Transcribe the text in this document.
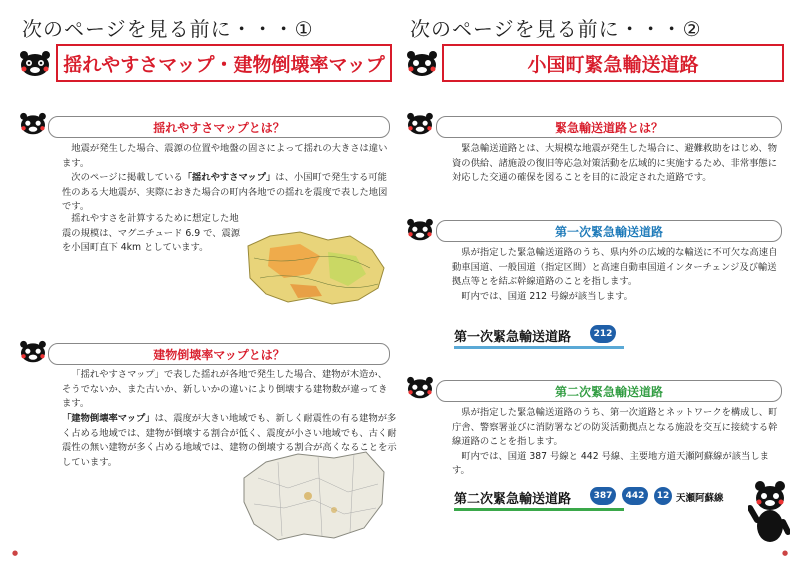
次のページを見る前に・・・①
揺れやすさマップ・建物倒壊率マップ
揺れやすさマップとは？

地震が発生した場合、震源の位置や地盤の固さによって揺れの大きさは違います。

次のページに掲載している「揺れやすさマップ」は、小国町で発生する可能性のある大地震が、実際におきた場合の町内各地での揺れを震度で表した地図です。

揺れやすさを計算するために想定した地震の規模は、マグニチュード 6.9 で、震源を小国町直下 4km としています。

建物倒壊率マップとは？

「揺れやすさマップ」で表した揺れが各地で発生した場合、建物が木造か、そうでないか、また古いか、新しいかの違いにより倒壊する建物数が違ってきます。

「建物倒壊率マップ」は、震度が大きい地域でも、新しく耐震性の有る建物が多く占める地域では、建物が倒壊する割合が低く、震度が小さい地域でも、古く耐震性の無い建物が多く占める地域では、建物の倒壊する割合が高くなることを示しています。

●
次のページを見る前に・・・②
小国町緊急輸送道路
緊急輸送道路とは？

緊急輸送道路とは、大規模な地震が発生した場合に、避難救助をはじめ、物資の供給、諸施設の復旧等応急対策活動を広域的に実施するため、非常事態に対応した交通の確保を図ることを目的に設定された道路です。

第一次緊急輸送道路

県が指定した緊急輸送道路のうち、県内外の広域的な輸送に不可欠な高速自動車国道、一般国道（指定区間）と高速自動車国道インターチェンジ及び輸送拠点等とを結ぶ幹線道路のことを指します。

町内では、国道 212 号線が該当します。

第一次緊急輸送道路	212
第二次緊急輸送道路

県が指定した緊急輸送道路のうち、第一次道路とネットワークを構成し、町庁舎、警察署並びに消防署などの防災活動拠点となる施設を交互に接続する幹線道路のことを指します。

町内では、国道 387 号線と 442 号線、主要地方道天瀬阿蘇線が該当します。

第二次緊急輸送道路	387	442	12 天瀬阿蘇線
●
